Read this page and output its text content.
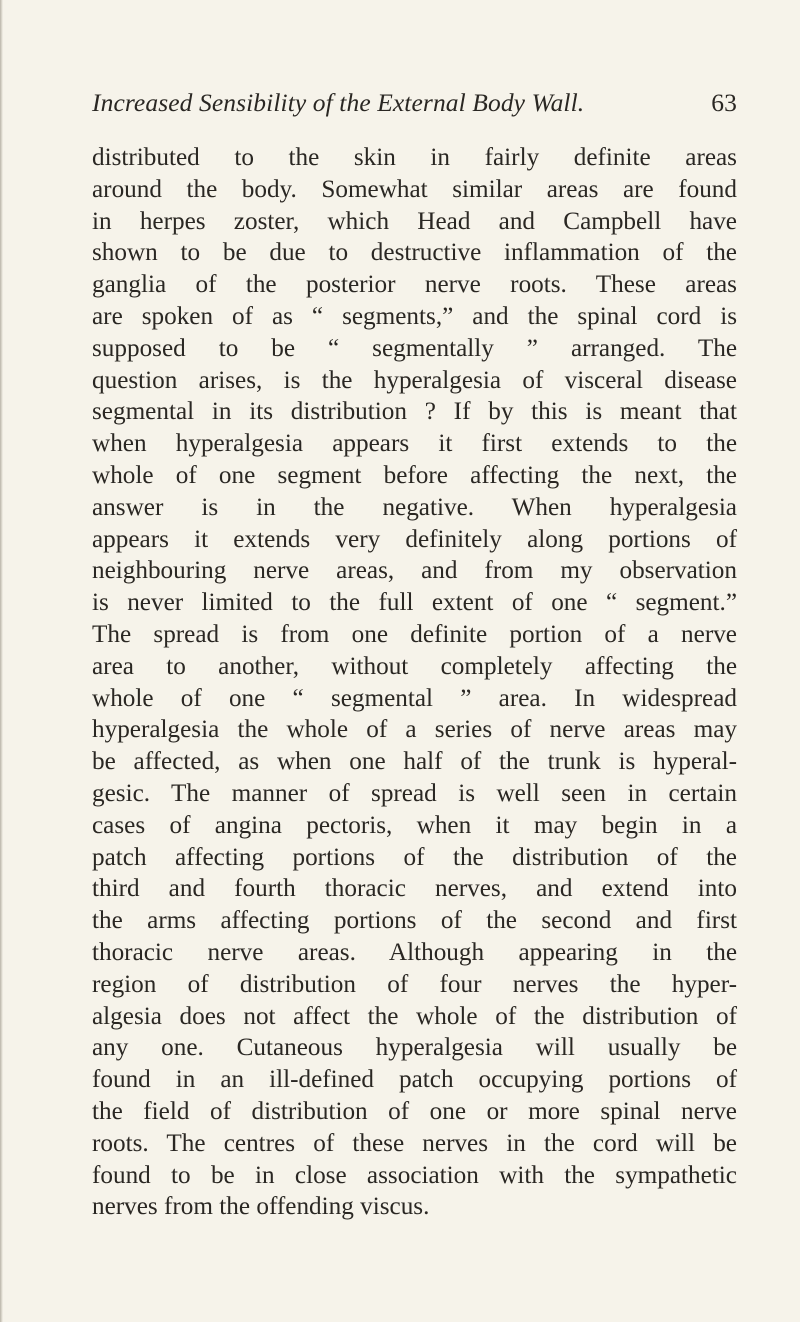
Increased Sensibility of the External Body Wall.	63
distributed to the skin in fairly definite areas
around the body. Somewhat similar areas are found
in herpes zoster, which Head and Campbell have
shown to be due to destructive inflammation of the
ganglia of the posterior nerve roots. These areas
are spoken of as “ segments,” and the spinal cord is
supposed to be “ segmentally ” arranged. The
question arises, is the hyperalgesia of visceral disease
segmental in its distribution ? If by this is meant that
when hyperalgesia appears it first extends to the
whole of one segment before affecting the next, the
answer is in the negative. When hyperalgesia
appears it extends very definitely along portions of
neighbouring nerve areas, and from my observation
is never limited to the full extent of one “ segment.”
The spread is from one definite portion of a nerve
area to another, without completely affecting the
whole of one “ segmental ” area. In widespread
hyperalgesia the whole of a series of nerve areas may
be affected, as when one half of the trunk is hyperal-
gesic. The manner of spread is well seen in certain
cases of angina pectoris, when it may begin in a
patch affecting portions of the distribution of the
third and fourth thoracic nerves, and extend into
the arms affecting portions of the second and first
thoracic nerve areas. Although appearing in the
region of distribution of four nerves the hyper-
algesia does not affect the whole of the distribution of
any one. Cutaneous hyperalgesia will usually be
found in an ill-defined patch occupying portions of
the field of distribution of one or more spinal nerve
roots. The centres of these nerves in the cord will be
found to be in close association with the sympathetic
nerves from the offending viscus.
